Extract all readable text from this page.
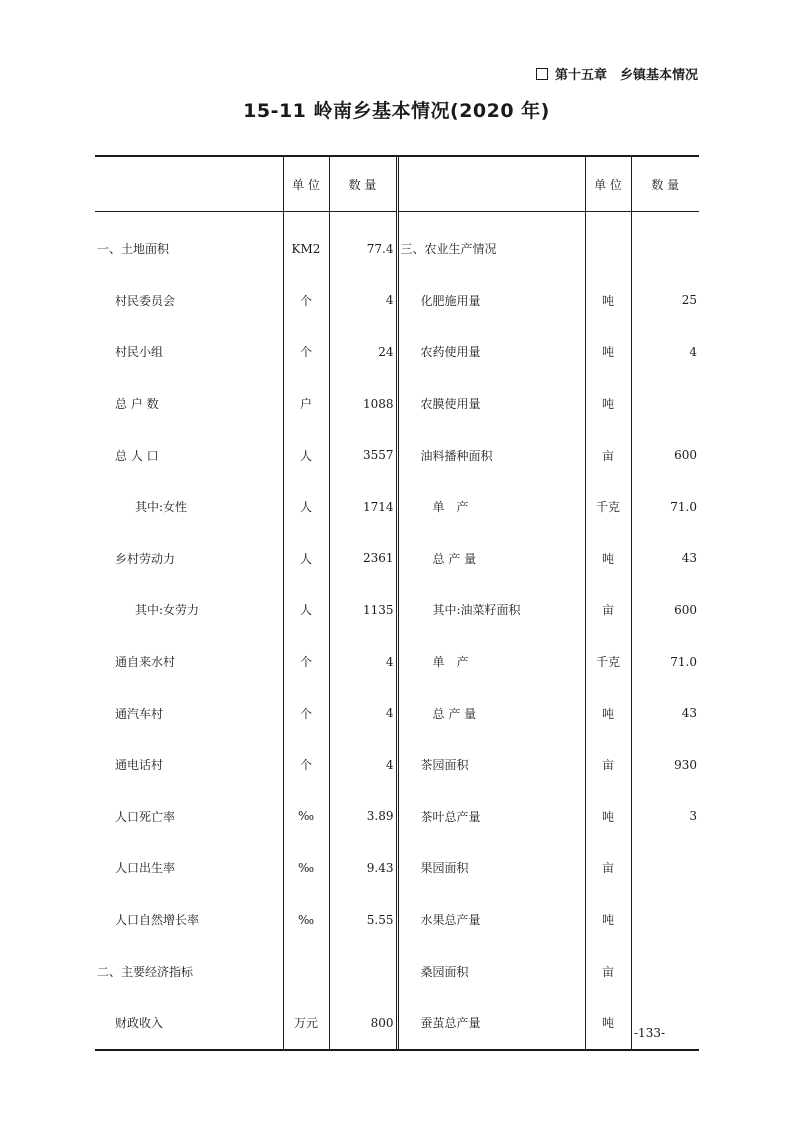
第十五章　乡镇基本情况
15-11 岭南乡基本情况(2020 年)
	单 位	数 量		单 位	数 量
一、土地面积	KM2	77.4	三、农业生产情况		
村民委员会	个	4	化肥施用量	吨	25
村民小组	个	24	农药使用量	吨	4
总 户 数	户	1088	农膜使用量	吨	
总 人 口	人	3557	油料播种面积	亩	600
其中:女性	人	1714	单　产	千克	71.0
乡村劳动力	人	2361	总 产 量	吨	43
其中:女劳力	人	1135	其中:油菜籽面积	亩	600
通自来水村	个	4	单　产	千克	71.0
通汽车村	个	4	总 产 量	吨	43
通电话村	个	4	茶园面积	亩	930
人口死亡率	‰	3.89	茶叶总产量	吨	3
人口出生率	‰	9.43	果园面积	亩	
人口自然增长率	‰	5.55	水果总产量	吨	
二、主要经济指标			桑园面积	亩	
财政收入	万元	800	蚕茧总产量	吨	
-133-
